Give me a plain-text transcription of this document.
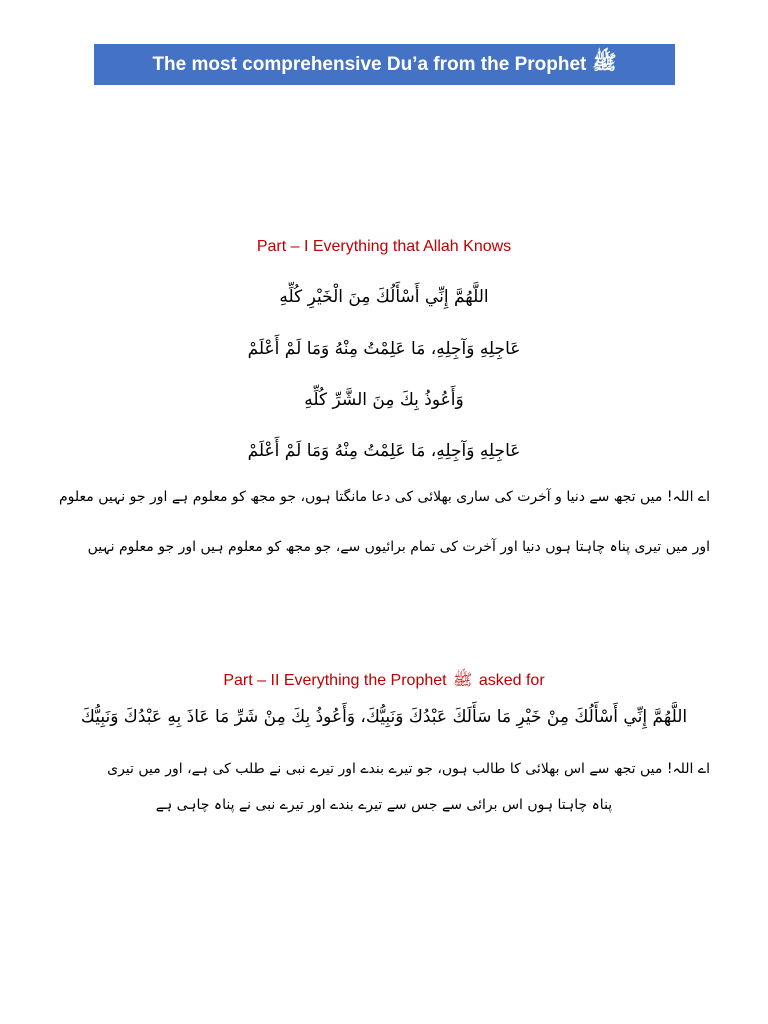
The most comprehensive Du’a from the Prophet ﷺ
Part – I Everything that Allah Knows
اللَّهُمَّ إِنِّي أَسْأَلُكَ مِنَ الْخَيْرِ كُلِّهِ
عَاجِلِهِ وَآجِلِهِ، مَا عَلِمْتُ مِنْهُ وَمَا لَمْ أَعْلَمْ
وَأَعُوذُ بِكَ مِنَ الشَّرِّ كُلِّهِ
عَاجِلِهِ وَآجِلِهِ، مَا عَلِمْتُ مِنْهُ وَمَا لَمْ أَعْلَمْ
اے اللہ! میں تجھ سے دنیا و آخرت کی ساری بھلائی کی دعا مانگتا ہوں، جو مجھ کو معلوم ہے اور جو نہیں معلوم
اور میں تیری پناہ چاہتا ہوں دنیا اور آخرت کی تمام برائیوں سے، جو مجھ کو معلوم ہیں اور جو معلوم نہیں
Part – II Everything the Prophet ﷺ asked for
اللَّهُمَّ إِنِّي أَسْأَلُكَ مِنْ خَيْرِ مَا سَأَلَكَ عَبْدُكَ وَنَبِيُّكَ، وَأَعُوذُ بِكَ مِنْ شَرِّ مَا عَاذَ بِهِ عَبْدُكَ وَنَبِيُّكَ
اے اللہ! میں تجھ سے اس بھلائی کا طالب ہوں، جو تیرے بندے اور تیرے نبی نے طلب کی ہے، اور میں تیری
پناہ چاہتا ہوں اس برائی سے جس سے تیرے بندے اور تیرے نبی نے پناہ چاہی ہے
